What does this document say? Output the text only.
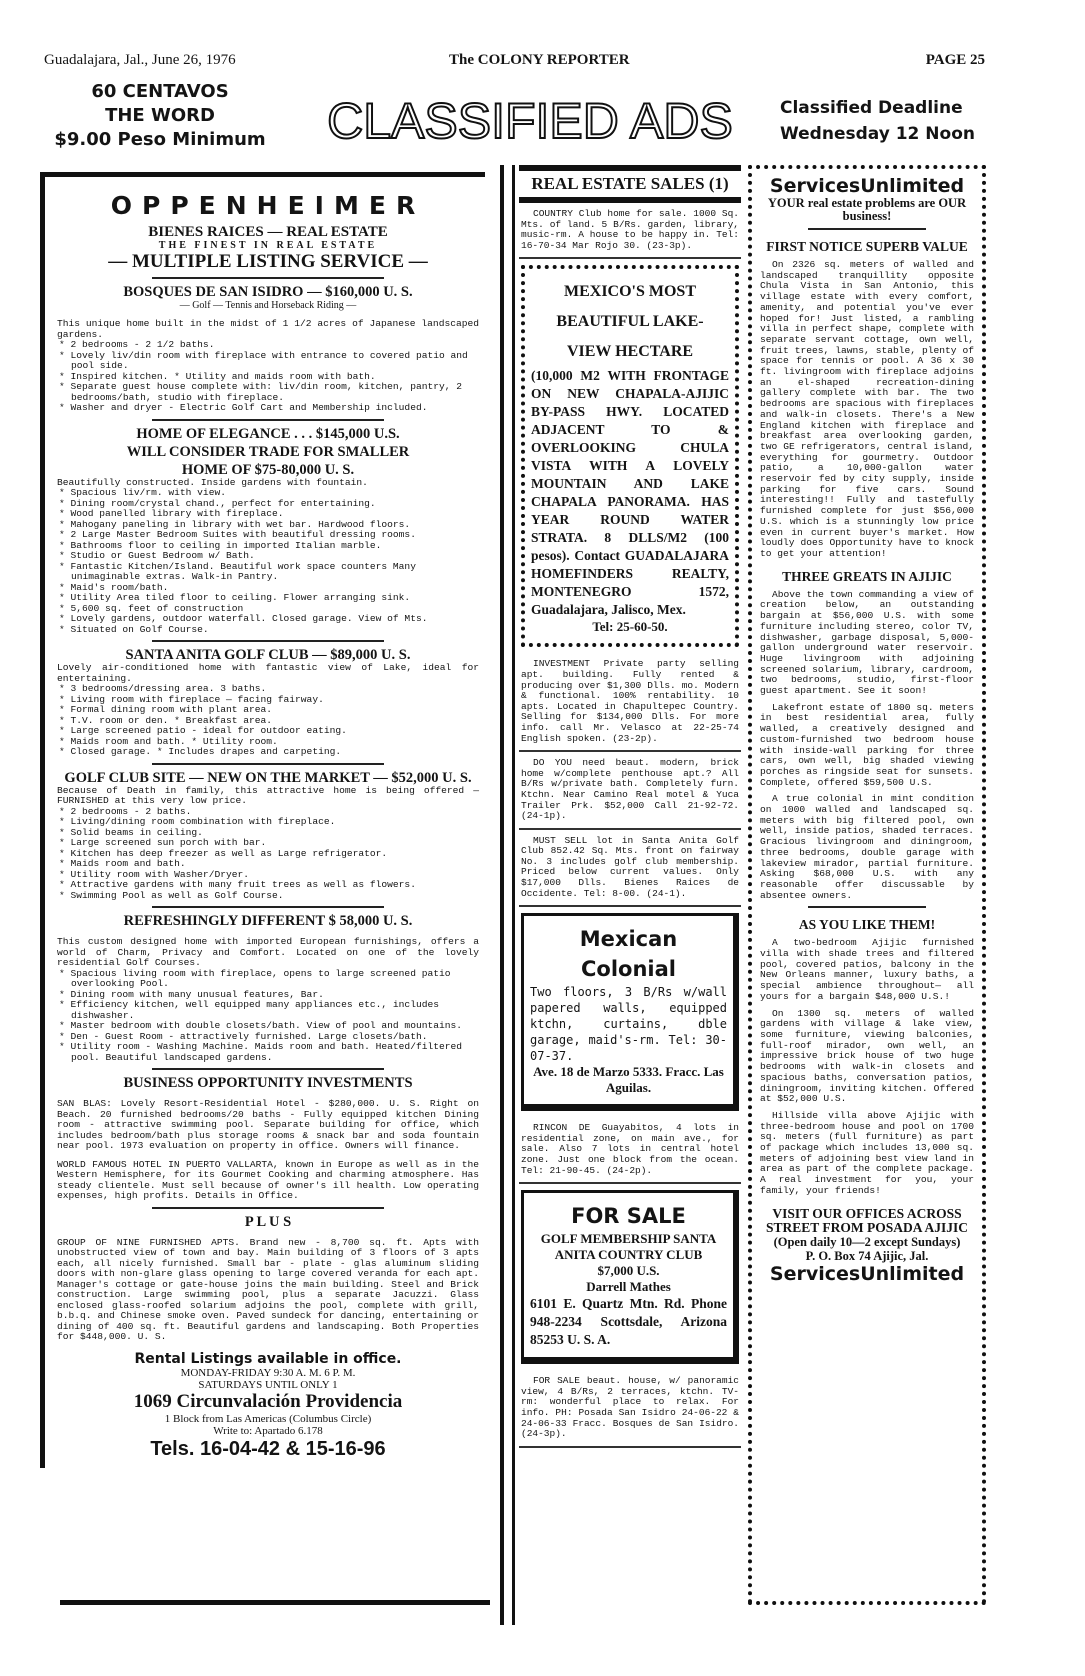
Guadalajara, Jal., June 26, 1976	The COLONY REPORTER	PAGE 25
60 CENTAVOS
THE WORD
$9.00 Peso Minimum	CLASSIFIED ADS	Classified Deadline
Wednesday 12 Noon
OPPENHEIMER
BIENES RAICES — REAL ESTATE
THE FINEST IN REAL ESTATE
— MULTIPLE LISTING SERVICE —
BOSQUES DE SAN ISIDRO — $160,000 U. S.
— Golf — Tennis and Horseback Riding —
This unique home built in the midst of 1 1/2 acres of Japanese landscaped gardens.
* 2 bedrooms - 2 1/2 baths.
* Lovely liv/din room with fireplace with entrance to covered patio and pool side.
* Inspired kitchen. * Utility and maids room with bath.
* Separate guest house complete with: liv/din room, kitchen, pantry, 2 bedrooms/bath, studio with fireplace.
* Washer and dryer - Electric Golf Cart and Membership included.
HOME OF ELEGANCE . . . $145,000 U.S.
WILL CONSIDER TRADE FOR SMALLER
HOME OF $75-80,000 U. S.
Beautifully constructed. Inside gardens with fountain.
* Spacious liv/rm. with view.
* Dining room/crystal chand., perfect for entertaining.
* Wood panelled library with fireplace.
* Mahogany paneling in library with wet bar. Hardwood floors.
* 2 Large Master Bedroom Suites with beautiful dressing rooms.
* Bathrooms floor to ceiling in imported Italian marble.
* Studio or Guest Bedroom w/ Bath.
* Fantastic Kitchen/Island. Beautiful work space counters Many unimaginable extras. Walk-in Pantry.
* Maid's room/bath.
* Utility Area tiled floor to ceiling. Flower arranging sink.
* 5,600 sq. feet of construction
* Lovely gardens, outdoor waterfall. Closed garage. View of Mts.
* Situated on Golf Course.
SANTA ANITA GOLF CLUB — $89,000 U. S.
Lovely air-conditioned home with fantastic view of Lake, ideal for entertaining.
* 3 bedrooms/dressing area. 3 baths.
* Living room with fireplace — facing fairway.
* Formal dining room with plant area.
* T.V. room or den. * Breakfast area.
* Large screened patio - ideal for outdoor eating.
* Maids room and bath. * Utility room.
* Closed garage. * Includes drapes and carpeting.
GOLF CLUB SITE — NEW ON THE MARKET — $52,000 U. S.
Because of Death in family, this attractive home is being offered — FURNISHED at this very low price.
* 2 bedrooms - 2 baths.
* Living/dining room combination with fireplace.
* Solid beams in ceiling.
* Large screened sun porch with bar.
* Kitchen has deep freezer as well as Large refrigerator.
* Maids room and bath.
* Utility room with Washer/Dryer.
* Attractive gardens with many fruit trees as well as flowers.
* Swimming Pool as well as Golf Course.
REFRESHINGLY DIFFERENT $ 58,000 U. S.
This custom designed home with imported European furnishings, offers a world of Charm, Privacy and Comfort. Located on one of the lovely residential Golf Courses.
* Spacious living room with fireplace, opens to large screened patio overlooking Pool.
* Dining room with many unusual features, Bar.
* Efficiency kitchen, well equipped many appliances etc., includes dishwasher.
* Master bedroom with double closets/bath. View of pool and mountains.
* Den - Guest Room - attractively furnished. Large closets/bath.
* Utility room - Washing Machine. Maids room and bath. Heated/filtered pool. Beautiful landscaped gardens.
BUSINESS OPPORTUNITY INVESTMENTS
SAN BLAS: Lovely Resort-Residential Hotel - $280,000. U. S. Right on Beach. 20 furnished bedrooms/20 baths - Fully equipped kitchen Dining room - attractive swimming pool. Separate building for office, which includes bedroom/bath plus storage rooms & snack bar and soda fountain near pool. 1973 evaluation on property in office. Owners will finance.
WORLD FAMOUS HOTEL IN PUERTO VALLARTA, known in Europe as well as in the Western Hemisphere, for its Gourmet Cooking and charming atmosphere. Has steady clientele. Must sell because of owner's ill health. Low operating expenses, high profits. Details in Office.
P L U S
GROUP OF NINE FURNISHED APTS. Brand new - 8,700 sq. ft. Apts with unobstructed view of town and bay. Main building of 3 floors of 3 apts each, all nicely furnished. Small bar - plate - glas aluminum sliding doors with non-glare glass opening to large covered veranda for each apt. Manager's cottage or gate-house joins the main building. Steel and Brick construction. Large swimming pool, plus a separate Jacuzzi. Glass enclosed glass-roofed solarium adjoins the pool, complete with grill, b.b.q. and Chinese smoke oven. Paved sundeck for dancing, entertaining or dining of 400 sq. ft. Beautiful gardens and landscaping. Both Properties for $448,000. U. S.
Rental Listings available in office.
MONDAY-FRIDAY 9:30 A. M. 6 P. M.
SATURDAYS UNTIL ONLY 1
1069 Circunvalación Providencia
1 Block from Las Americas (Columbus Circle)
Write to: Apartado 6.178
Tels. 16-04-42 & 15-16-96
REAL ESTATE SALES (1)
COUNTRY Club home for sale. 1000 Sq. Mts. of land. 5 B/Rs. garden, library, music-rm. A house to be happy in. Tel: 16-70-34 Mar Rojo 30. (23-3p).
MEXICO'S MOST
BEAUTIFUL LAKE-
VIEW HECTARE
(10,000 M2 WITH FRONTAGE ON NEW CHAPALA-AJIJIC BY-PASS HWY. LOCATED ADJACENT TO & OVERLOOKING CHULA VISTA WITH A LOVELY MOUNTAIN AND LAKE CHAPALA PANORAMA. HAS YEAR ROUND WATER STRATA. 8 DLLS/M2 (100 pesos). Contact GUADALAJARA HOMEFINDERS REALTY, MONTENEGRO 1572, Guadalajara, Jalisco, Mex.
Tel: 25-60-50.
INVESTMENT Private party selling apt. building. Fully rented & producing over $1,300 Dlls. mo. Modern & functional. 100% rentability. 10 apts. Located in Chapultepec Country. Selling for $134,000 Dlls. For more info. call Mr. Velasco at 22-25-74 English spoken. (23-2p).
DO YOU need beaut. modern, brick home w/complete penthouse apt.? All B/Rs w/private bath. Completely furn. Ktchn. Near Camino Real motel & Yuca Trailer Prk. $52,000 Call 21-92-72. (24-1p).
MUST SELL lot in Santa Anita Golf Club 852.42 Sq. Mts. front on fairway No. 3 includes golf club membership. Priced below current values. Only $17,000 Dlls. Bienes Raices de Occidente. Tel: 8-00. (24-1).
Mexican Colonial
Two floors, 3 B/Rs w/wall papered walls, equipped ktchn, curtains, dble garage, maid's-rm. Tel: 30-07-37.
Ave. 18 de Marzo 5333. Fracc. Las Aguilas.
RINCON DE Guayabitos, 4 lots in residential zone, on main ave., for sale. Also 7 lots in central hotel zone. Just one block from the ocean. Tel: 21-90-45. (24-2p).
FOR SALE
GOLF MEMBERSHIP SANTA ANITA COUNTRY CLUB
$7,000 U.S.
Darrell Mathes
6101 E. Quartz Mtn. Rd. Phone 948-2234 Scottsdale, Arizona 85253 U. S. A.
FOR SALE beaut. house, w/ panoramic view, 4 B/Rs, 2 terraces, ktchn. TV-rm: wonderful place to relax. For info. PH: Posada San Isidro 24-06-22 & 24-06-33 Fracc. Bosques de San Isidro. (24-3p).
ServicesUnlimited
YOUR real estate problems are OUR business!
FIRST NOTICE SUPERB VALUE
On 2326 sq. meters of walled and landscaped tranquillity opposite Chula Vista in San Antonio, this village estate with every comfort, amenity, and potential you've ever hoped for! Just listed, a rambling villa in perfect shape, complete with separate servant cottage, own well, fruit trees, lawns, stable, plenty of space for tennis or pool. A 36 x 30 ft. livingroom with fireplace adjoins an el-shaped recreation-dining gallery complete with bar. The two bedrooms are spacious with fireplaces and walk-in closets. There's a New England kitchen with fireplace and breakfast area overlooking garden, two GE refrigerators, central island, everything for gourmetry. Outdoor patio, a 10,000-gallon water reservoir fed by city supply, inside parking for five cars. Sound interesting!! Fully and tastefully furnished complete for just $56,000 U.S. which is a stunningly low price even in current buyer's market. How loudly does Opportunity have to knock to get your attention!
THREE GREATS IN AJIJIC
Above the town commanding a view of creation below, an outstanding bargain at $56,000 U.S. with some furniture including stereo, color TV, dishwasher, garbage disposal, 5,000-gallon underground water reservoir. Huge livingroom with adjoining screened solarium, library, cardroom, two bedrooms, studio, first-floor guest apartment. See it soon!
Lakefront estate of 1800 sq. meters in best residential area, fully walled, a creatively designed and custom-furnished two bedroom house with inside-wall parking for three cars, own well, big shaded viewing porches as ringside seat for sunsets. Complete, offered $59,500 U.S.
A true colonial in mint condition on 1000 walled and landscaped sq. meters with big filtered pool, own well, inside patios, shaded terraces. Gracious livingroom and diningroom, three bedrooms, double garage with lakeview mirador, partial furniture. Asking $68,000 U.S. with any reasonable offer discussable by absentee owners.
AS YOU LIKE THEM!
A two-bedroom Ajijic furnished villa with shade trees and filtered pool, covered patios, balcony in the New Orleans manner, luxury baths, a special ambience throughout— all yours for a bargain $48,000 U.S.!
On 1300 sq. meters of walled gardens with village & lake view, some furniture, viewing balconies, full-roof mirador, own well, an impressive brick house of two huge bedrooms with walk-in closets and spacious baths, conversation patios, diningroom, inviting kitchen. Offered at $52,000 U.S.
Hillside villa above Ajijic with three-bedroom house and pool on 1700 sq. meters (full furniture) as part of package which includes 13,000 sq. meters of adjoining best view land in area as part of the complete package. A real investment for you, your family, your friends!
VISIT OUR OFFICES ACROSS STREET FROM POSADA AJIJIC
(Open daily 10—2 except Sundays)
P. O. Box 74 Ajijic, Jal.
ServicesUnlimited
